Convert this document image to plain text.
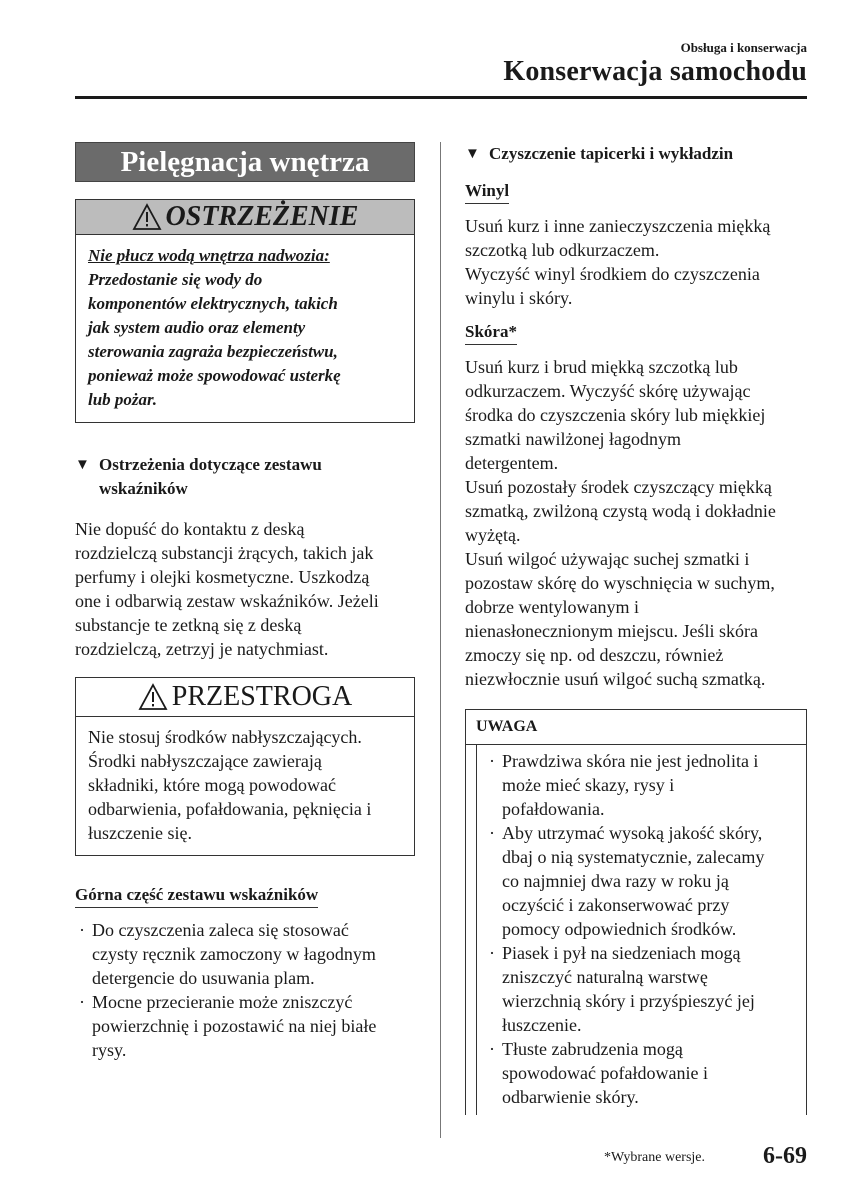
Obsługa i konserwacja
Konserwacja samochodu
Pielęgnacja wnętrza
OSTRZEŻENIE
Nie płucz wodą wnętrza nadwozia:
Przedostanie się wody do
komponentów elektrycznych, takich
jak system audio oraz elementy
sterowania zagraża bezpieczeństwu,
ponieważ może spowodować usterkę
lub pożar.
▼ Ostrzeżenia dotyczące zestawu
wskaźników
Nie dopuść do kontaktu z deską
rozdzielczą substancji żrących, takich jak
perfumy i olejki kosmetyczne. Uszkodzą
one i odbarwią zestaw wskaźników. Jeżeli
substancje te zetkną się z deską
rozdzielczą, zetrzyj je natychmiast.
PRZESTROGA
Nie stosuj środków nabłyszczających.
Środki nabłyszczające zawierają
składniki, które mogą powodować
odbarwienia, pofałdowania, pęknięcia i
łuszczenie się.
Górna część zestawu wskaźników
· Do czyszczenia zaleca się stosować
czysty ręcznik zamoczony w łagodnym
detergencie do usuwania plam.
· Mocne przecieranie może zniszczyć
powierzchnię i pozostawić na niej białe
rysy.
▼ Czyszczenie tapicerki i wykładzin
Winyl
Usuń kurz i inne zanieczyszczenia miękką
szczotką lub odkurzaczem.
Wyczyść winyl środkiem do czyszczenia
winylu i skóry.
Skóra*
Usuń kurz i brud miękką szczotką lub
odkurzaczem. Wyczyść skórę używając
środka do czyszczenia skóry lub miękkiej
szmatki nawilżonej łagodnym
detergentem.
Usuń pozostały środek czyszczący miękką
szmatką, zwilżoną czystą wodą i dokładnie
wyżętą.
Usuń wilgoć używając suchej szmatki i
pozostaw skórę do wyschnięcia w suchym,
dobrze wentylowanym i
nienasłonecznionym miejscu. Jeśli skóra
zmoczy się np. od deszczu, również
niezwłocznie usuń wilgoć suchą szmatką.
UWAGA
· Prawdziwa skóra nie jest jednolita i
może mieć skazy, rysy i
pofałdowania.
· Aby utrzymać wysoką jakość skóry,
dbaj o nią systematycznie, zalecamy
co najmniej dwa razy w roku ją
oczyścić i zakonserwować przy
pomocy odpowiednich środków.
· Piasek i pył na siedzeniach mogą
zniszczyć naturalną warstwę
wierzchnią skóry i przyśpieszyć jej
łuszczenie.
· Tłuste zabrudzenia mogą
spowodować pofałdowanie i
odbarwienie skóry.
*Wybrane wersje. 6-69
